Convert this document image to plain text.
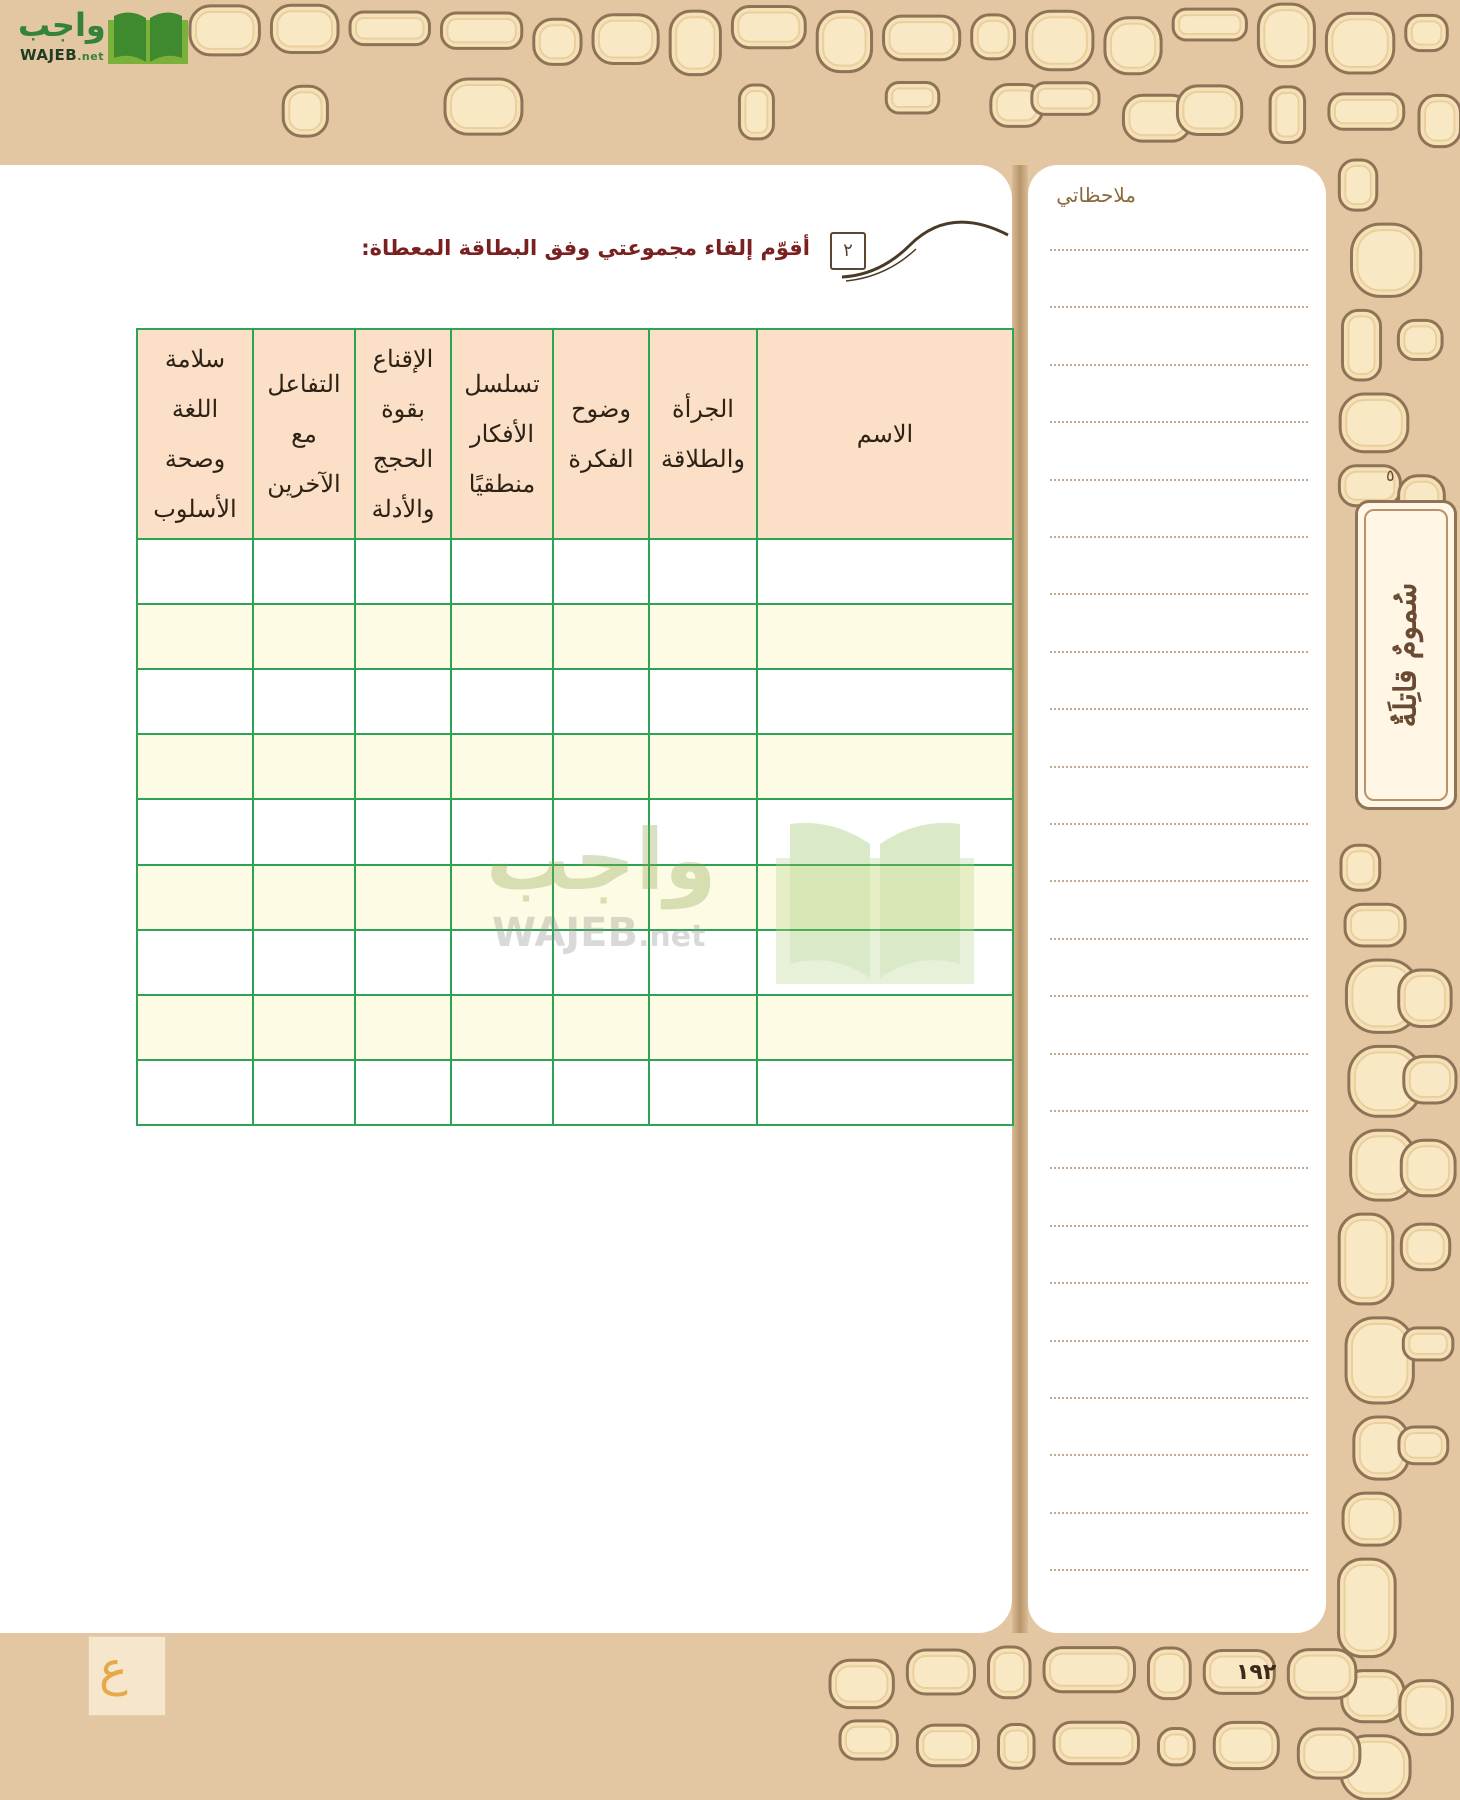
واجب
WAJEB.net
ملاحظاتي
٢
أقوّم إلقاء مجموعتي وفق البطاقة المعطاة:
الاسم	الجرأة والطلاقة	وضوح الفكرة	تسلسل الأفكار منطقيًا	الإقناع بقوة الحجج والأدلة	التفاعل مع الآخرين	سلامة اللغة وصحة الأسلوب

واجب
WAJEB.net
٥
سُمومٌ قاتِلَةٌ
١٩٢
ع
